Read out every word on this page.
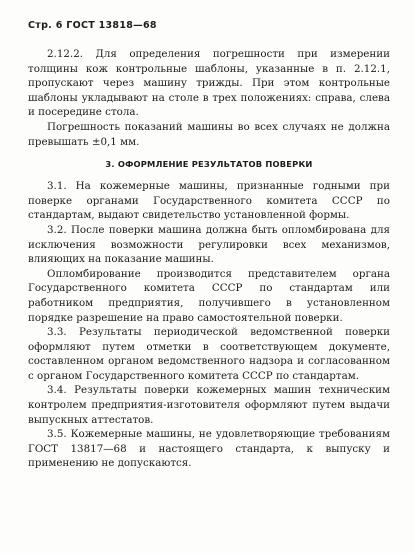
Стр. 6 ГОСТ 13818—68

2.12.2. Для определения погрешности при измерении толщины кож контрольные шаблоны, указанные в п. 2.12.1, пропускают через машину трижды. При этом контрольные шаблоны укладывают на столе в трех положениях: справа, слева и посередине стола.

Погрешность показаний машины во всех случаях не должна превышать ±0,1 мм.

3. ОФОРМЛЕНИЕ РЕЗУЛЬТАТОВ ПОВЕРКИ

3.1. На кожемерные машины, признанные годными при поверке органами Государственного комитета СССР по стандартам, выдают свидетельство установленной формы.

3.2. После поверки машина должна быть опломбирована для исключения возможности регулировки всех механизмов, влияющих на показание машины.

Опломбирование производится представителем органа Государственного комитета СССР по стандартам или работником предприятия, получившего в установленном порядке разрешение на право самостоятельной поверки.

3.3. Результаты периодической ведомственной поверки оформляют путем отметки в соответствующем документе, составленном органом ведомственного надзора и согласованном с органом Государственного комитета СССР по стандартам.

3.4. Результаты поверки кожемерных машин техническим контролем предприятия-изготовителя оформляют путем выдачи выпускных аттестатов.

3.5. Кожемерные машины, не удовлетворяющие требованиям ГОСТ 13817—68 и настоящего стандарта, к выпуску и применению не допускаются.
